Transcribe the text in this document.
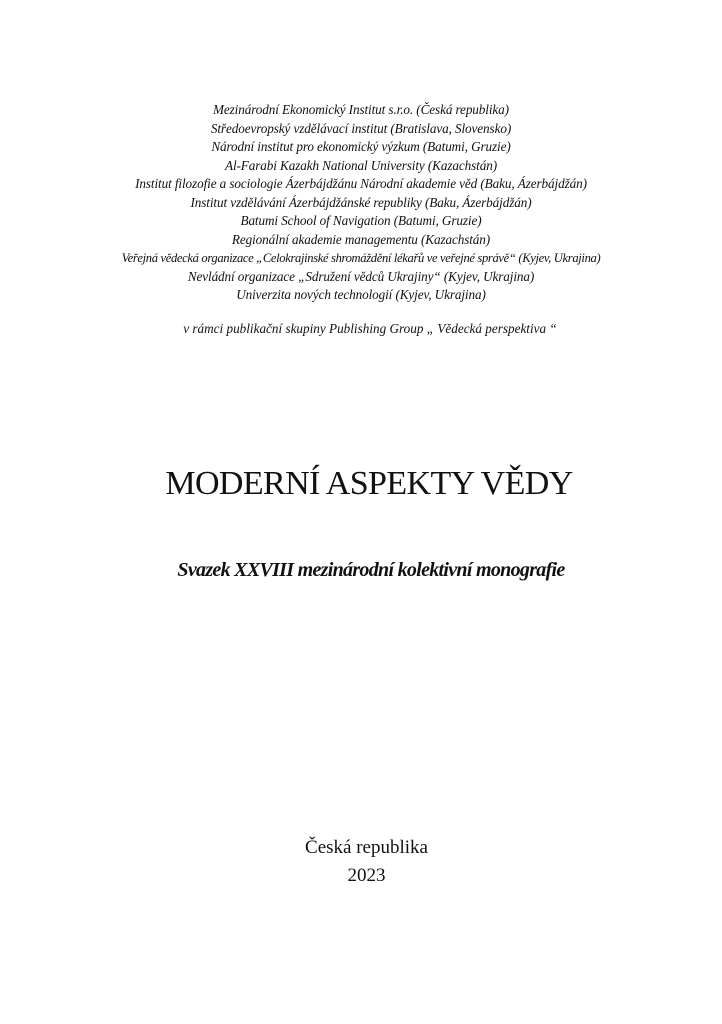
Mezinárodní Ekonomický Institut s.r.o. (Česká republika)
Středoevropský vzdělávací institut (Bratislava, Slovensko)
Národní institut pro ekonomický výzkum (Batumi, Gruzie)
Al-Farabi Kazakh National University (Kazachstán)
Institut filozofie a sociologie Ázerbájdžánu Národní akademie věd (Baku, Ázerbájdžán)
Institut vzdělávání Ázerbájdžánské republiky (Baku, Ázerbájdžán)
Batumi School of Navigation (Batumi, Gruzie)
Regionální akademie managementu (Kazachstán)
Veřejná vědecká organizace „Celokrajinské shromáždění lékařů ve veřejné správě“ (Kyjev, Ukrajina)
Nevládní organizace „Sdružení vědců Ukrajiny“ (Kyjev, Ukrajina)
Univerzita nových technologií (Kyjev, Ukrajina)
v rámci publikační skupiny Publishing Group „ Vědecká perspektiva “
MODERNÍ ASPEKTY VĚDY
Svazek XXVIII mezinárodní kolektivní monografie
Česká republika
2023
